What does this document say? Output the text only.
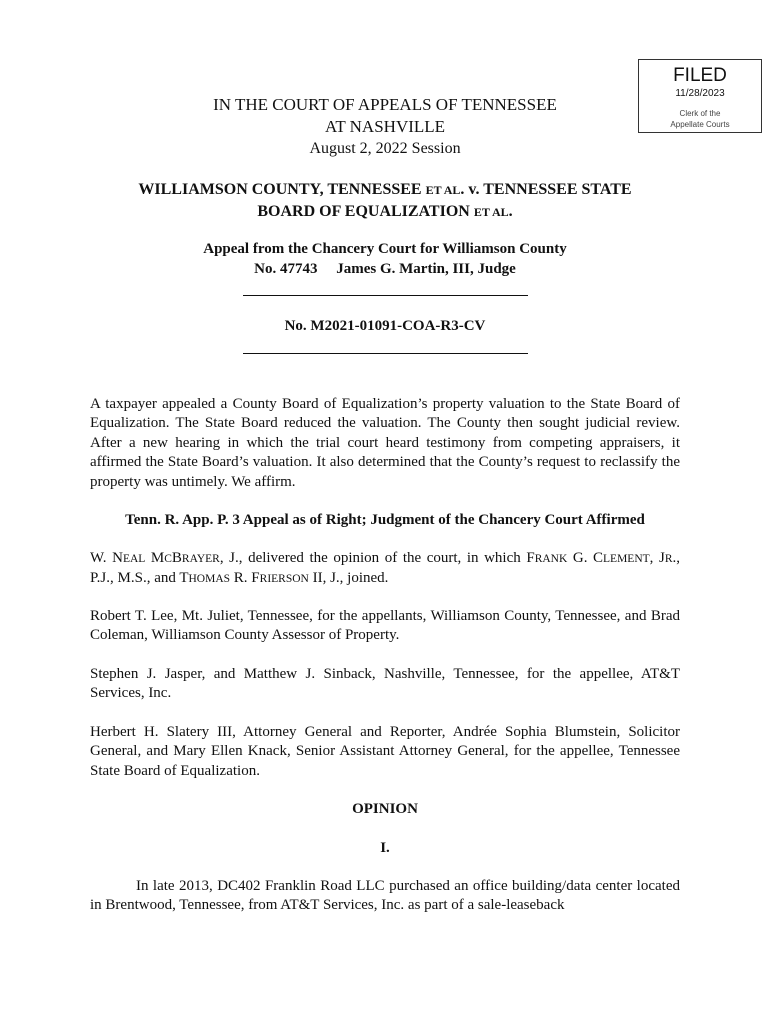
FILED
11/28/2023
Clerk of the
Appellate Courts
IN THE COURT OF APPEALS OF TENNESSEE
AT NASHVILLE
August 2, 2022 Session
WILLIAMSON COUNTY, TENNESSEE ET AL. v. TENNESSEE STATE
BOARD OF EQUALIZATION ET AL.
Appeal from the Chancery Court for Williamson County
No. 47743     James G. Martin, III, Judge
No. M2021-01091-COA-R3-CV
A taxpayer appealed a County Board of Equalization’s property valuation to the State Board of Equalization. The State Board reduced the valuation. The County then sought judicial review. After a new hearing in which the trial court heard testimony from competing appraisers, it affirmed the State Board’s valuation. It also determined that the County’s request to reclassify the property was untimely. We affirm.
Tenn. R. App. P. 3 Appeal as of Right; Judgment of the Chancery Court Affirmed
W. NEAL MCBRAYER, J., delivered the opinion of the court, in which FRANK G. CLEMENT, JR., P.J., M.S., and THOMAS R. FRIERSON II, J., joined.
Robert T. Lee, Mt. Juliet, Tennessee, for the appellants, Williamson County, Tennessee, and Brad Coleman, Williamson County Assessor of Property.
Stephen J. Jasper, and Matthew J. Sinback, Nashville, Tennessee, for the appellee, AT&T Services, Inc.
Herbert H. Slatery III, Attorney General and Reporter, Andrée Sophia Blumstein, Solicitor General, and Mary Ellen Knack, Senior Assistant Attorney General, for the appellee, Tennessee State Board of Equalization.
OPINION
I.
In late 2013, DC402 Franklin Road LLC purchased an office building/data center located in Brentwood, Tennessee, from AT&T Services, Inc. as part of a sale-leaseback
